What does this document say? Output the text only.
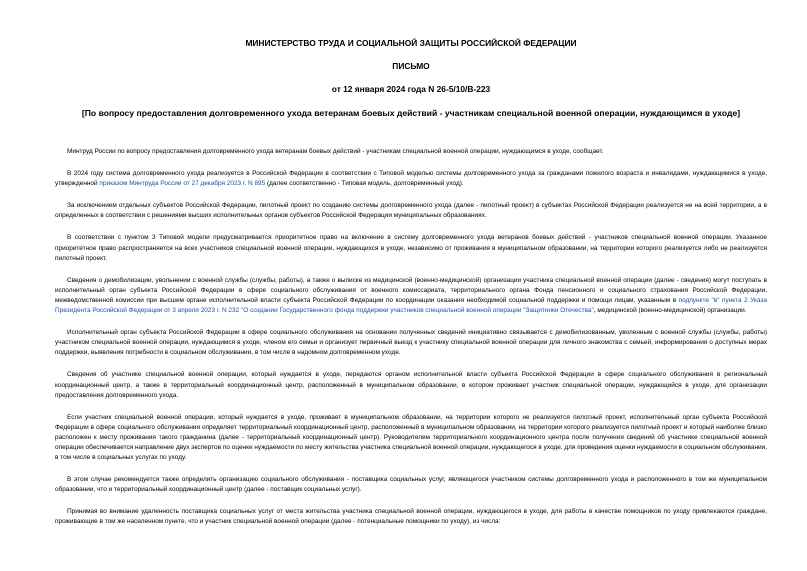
МИНИСТЕРСТВО ТРУДА И СОЦИАЛЬНОЙ ЗАЩИТЫ РОССИЙСКОЙ ФЕДЕРАЦИИ
ПИСЬМО
от 12 января 2024 года N 26-5/10/В-223
[По вопросу предоставления долговременного ухода ветеранам боевых действий - участникам специальной военной операции, нуждающимся в уходе]

Минтруд России по вопросу предоставления долговременного ухода ветеранам боевых действий - участникам специальной военной операции, нуждающимся в уходе, сообщает.

В 2024 году система долговременного ухода реализуется в Российской Федерации в соответствии с Типовой моделью системы долговременного ухода за гражданами пожилого возраста и инвалидами, нуждающимися в уходе, утвержденной приказом Минтруда России от 27 декабря 2023 г. N 895 (далее соответственно - Типовая модель, долговременный уход).

За исключением отдельных субъектов Российской Федерации, пилотный проект по созданию системы долговременного ухода (далее - пилотный проект) в субъектах Российской Федерации реализуется не на всей территории, а в определенных в соответствии с решениями высших исполнительных органов субъектов Российской Федерации муниципальных образованиях.

В соответствии с пунктом 3 Типовой модели предусматривается приоритетное право на включение в систему долговременного ухода ветеранов боевых действий - участников специальной военной операции. Указанное приоритетное право распространяется на всех участников специальной военной операции, нуждающихся в уходе, независимо от проживания в муниципальном образовании, на территории которого реализуется либо не реализуется пилотный проект.

Сведения о демобилизации, увольнении с военной службы (службы, работы), а также о выписке из медицинской (военно-медицинской) организации участника специальной военной операции (далее - сведения) могут поступать в исполнительный орган субъекта Российской Федерации в сфере социального обслуживания от военного комиссариата, территориального органа Фонда пенсионного и социального страхования Российской Федерации, межведомственной комиссии при высшем органе исполнительной власти субъекта Российской Федерации по координации оказания необходимой социальной поддержки и помощи лицам, указанным в подпункте "в" пункта 2 Указа Президента Российской Федерации от 3 апреля 2023 г. N 232 "О создании Государственного фонда поддержки участников специальной военной операции "Защитники Отечества", медицинской (военно-медицинской) организации.

Исполнительный орган субъекта Российской Федерации в сфере социального обслуживания на основании полученных сведений инициативно связывается с демобилизованным, уволенным с военной службы (службы, работы) участником специальной военной операции, нуждающимся в уходе, членом его семьи и организует первичный выезд к участнику специальной военной операции для личного знакомства с семьей, информирования о доступных мерах поддержки, выявления потребности в социальном обслуживании, в том числе в надомном долговременном уходе.

Сведения об участнике специальной военной операции, который нуждается в уходе, передаются органом исполнительной власти субъекта Российской Федерации в сфере социального обслуживания в региональный координационный центр, а также в территориальный координационный центр, расположенный в муниципальном образовании, в котором проживает участник специальной операции, нуждающийся в уходе, для организации предоставления долговременного ухода.

Если участник специальной военной операции, который нуждается в уходе, проживает в муниципальном образовании, на территории которого не реализуется пилотный проект, исполнительный орган субъекта Российской Федерации в сфере социального обслуживания определяет территориальный координационный центр, расположенный в муниципальном образовании, на территории которого реализуется пилотный проект и который наиболее близко расположен к месту проживания такого гражданина (далее - территориальный координационный центр). Руководителем территориального координационного центра после получения сведений об участнике специальной военной операции обеспечивается направление двух экспертов по оценке нуждаемости по месту жительства участника специальной военной операции, нуждающегося в уходе, для проведения оценки нуждаемости в социальном обслуживании, в том числе в социальных услугах по уходу.

В этом случае рекомендуется также определить организацию социального обслуживания - поставщика социальных услуг, являющегося участником системы долговременного ухода и расположенного в том же муниципальном образовании, что и территориальный координационный центр (далее - поставщик социальных услуг).

Принимая во внимание удаленность поставщика социальных услуг от места жительства участника специальной военной операции, нуждающегося в уходе, для работы в качестве помощников по уходу привлекаются граждане, проживающие в том же населенном пункте, что и участник специальной военной операции (далее - потенциальные помощники по уходу), из числа:
